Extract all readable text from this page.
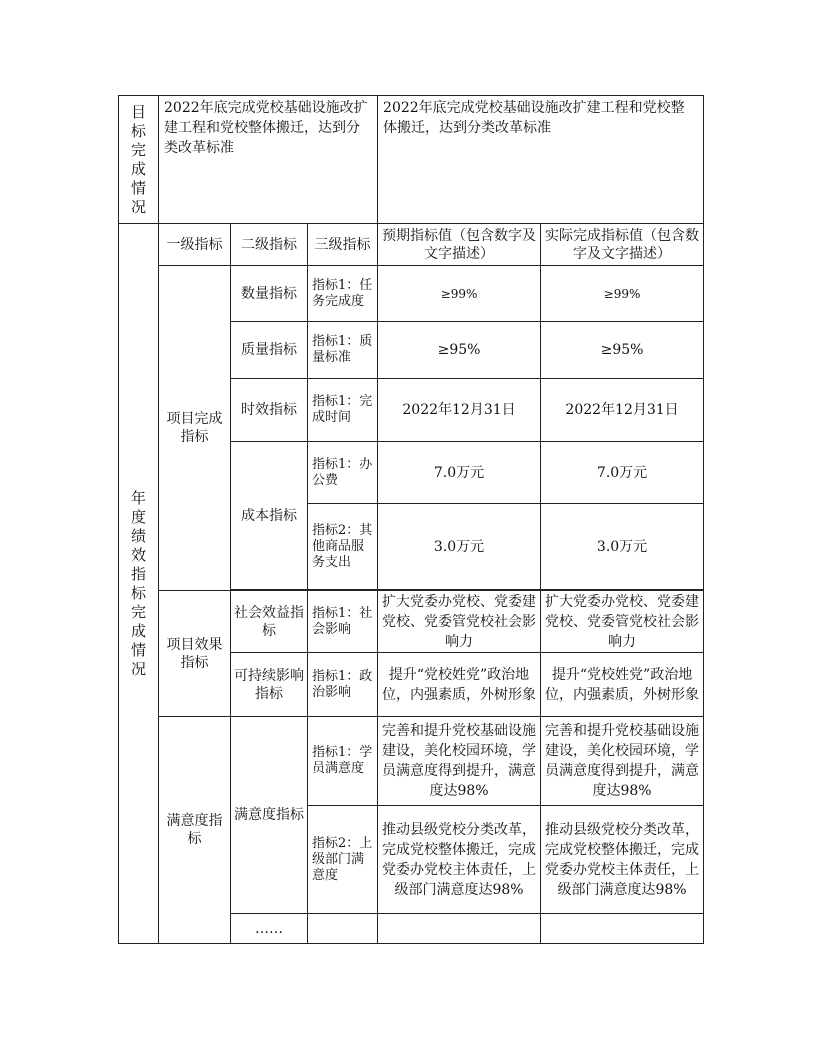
目标完成情况	2022年底完成党校基础设施改扩建工程和党校整体搬迁，达到分类改革标准			2022年底完成党校基础设施改扩建工程和党校整体搬迁，达到分类改革标准	

年度绩效指标完成情况	一级指标	二级指标	三级指标	预期指标值（包含数字及文字描述）	实际完成指标值（包含数字及文字描述）
	项目完成指标	数量指标	指标1：任务完成度	≥99%	≥99%
		质量指标	指标1：质量标准	≥95%	≥95%
		时效指标	指标1：完成时间	2022年12月31日	2022年12月31日
		成本指标	指标1：办公费	7.0万元	7.0万元

			指标2：其他商品服务支出	3.0万元	3.0万元

	项目效果指标	社会效益指标	指标1：社会影响	扩大党委办党校、党委建党校、党委管党校社会影响力	扩大党委办党校、党委建党校、党委管党校社会影响力
		可持续影响指标	指标1：政治影响	提升“党校姓党”政治地位，内强素质，外树形象	提升“党校姓党”政治地位，内强素质，外树形象
	满意度指标	满意度指标	指标1：学员满意度	完善和提升党校基础设施建设，美化校园环境，学员满意度得到提升，满意度达98%	完善和提升党校基础设施建设，美化校园环境，学员满意度得到提升，满意度达98%

			指标2：上级部门满意度	推动县级党校分类改革，完成党校整体搬迁，完成党委办党校主体责任，上级部门满意度达98%	推动县级党校分类改革，完成党校整体搬迁，完成党委办党校主体责任，上级部门满意度达98%
		……			
